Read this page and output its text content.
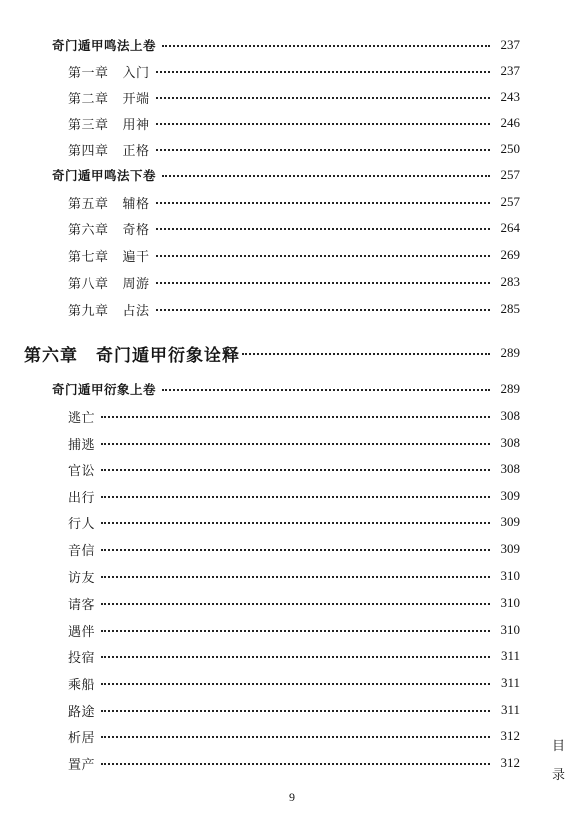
奇门遁甲鸣法上卷	237
第一章 入门	237
第二章 开端	243
第三章 用神	246
第四章 正格	250
奇门遁甲鸣法下卷	257
第五章 辅格	257
第六章 奇格	264
第七章 遍干	269
第八章 周游	283
第九章 占法	285
第六章 奇门遁甲衍象诠释	289
奇门遁甲衍象上卷	289
逃亡	308
捕逃	308
官讼	308
出行	309
行人	309
音信	309
访友	310
请客	310
遇伴	310
投宿	311
乘船	311
路途	311
析居	312
置产	312
目
录
9
